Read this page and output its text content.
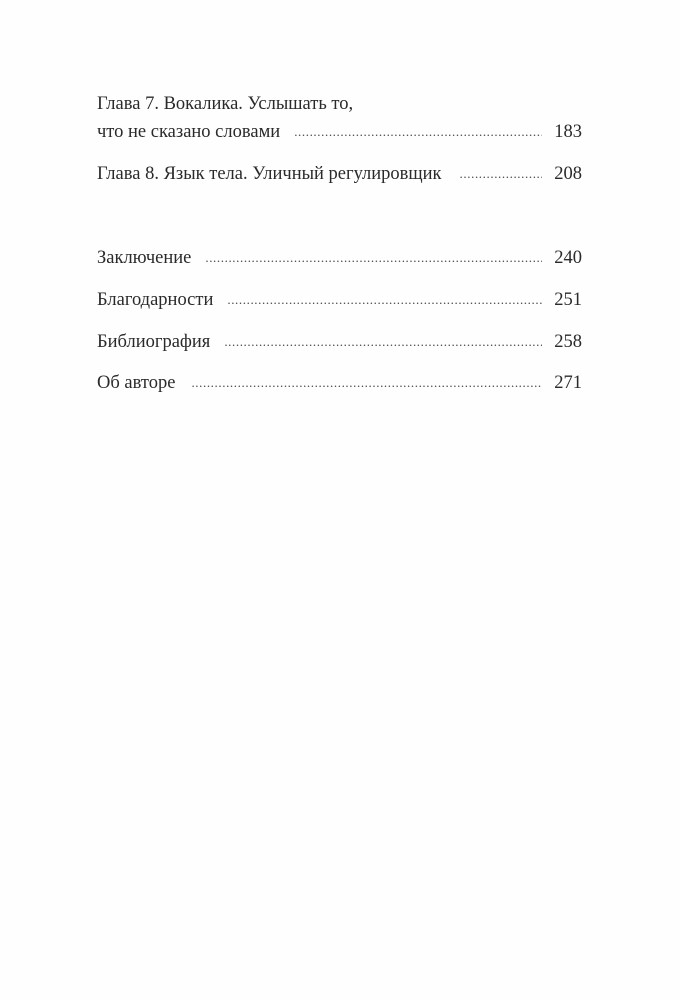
Глава 7. Вокалика. Услышать то,
что не сказано словами .....	183
Глава 8. Язык тела. Уличный регулировщик .....	208
Заключение .....	240
Благодарности .....	251
Библиография .....	258
Об авторе .....	271
